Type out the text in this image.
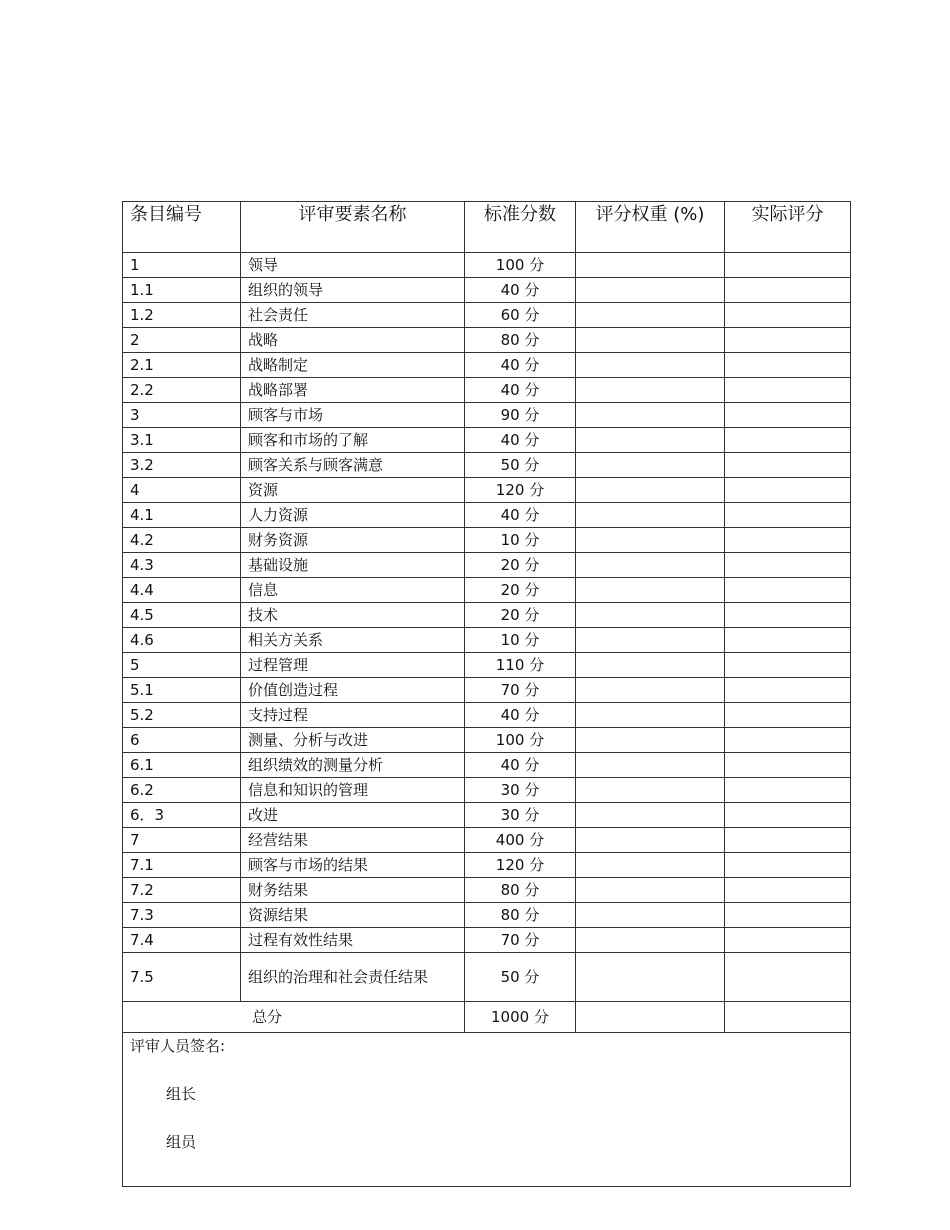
条目编号	评审要素名称	标准分数	评分权重 (%)	实际评分
1	领导	100 分		
1.1	组织的领导	40 分		
1.2	社会责任	60 分		
2	战略	80 分		
2.1	战略制定	40 分		
2.2	战略部署	40 分		
3	顾客与市场	90 分		
3.1	顾客和市场的了解	40 分		
3.2	顾客关系与顾客满意	50 分		
4	资源	120 分		
4.1	人力资源	40 分		
4.2	财务资源	10 分		
4.3	基础设施	20 分		
4.4	信息	20 分		
4.5	技术	20 分		
4.6	相关方关系	10 分		
5	过程管理	110 分		
5.1	价值创造过程	70 分		
5.2	支持过程	40 分		
6	测量、分析与改进	100 分		
6.1	组织绩效的测量分析	40 分		
6.2	信息和知识的管理	30 分		
6．3	改进	30 分		
7	经营结果	400 分		
7.1	顾客与市场的结果	120 分		
7.2	财务结果	80 分		
7.3	资源结果	80 分		
7.4	过程有效性结果	70 分		
7.5	组织的治理和社会责任结果	50 分		
总分		1000 分		

评审人员签名:
组长
组员				
